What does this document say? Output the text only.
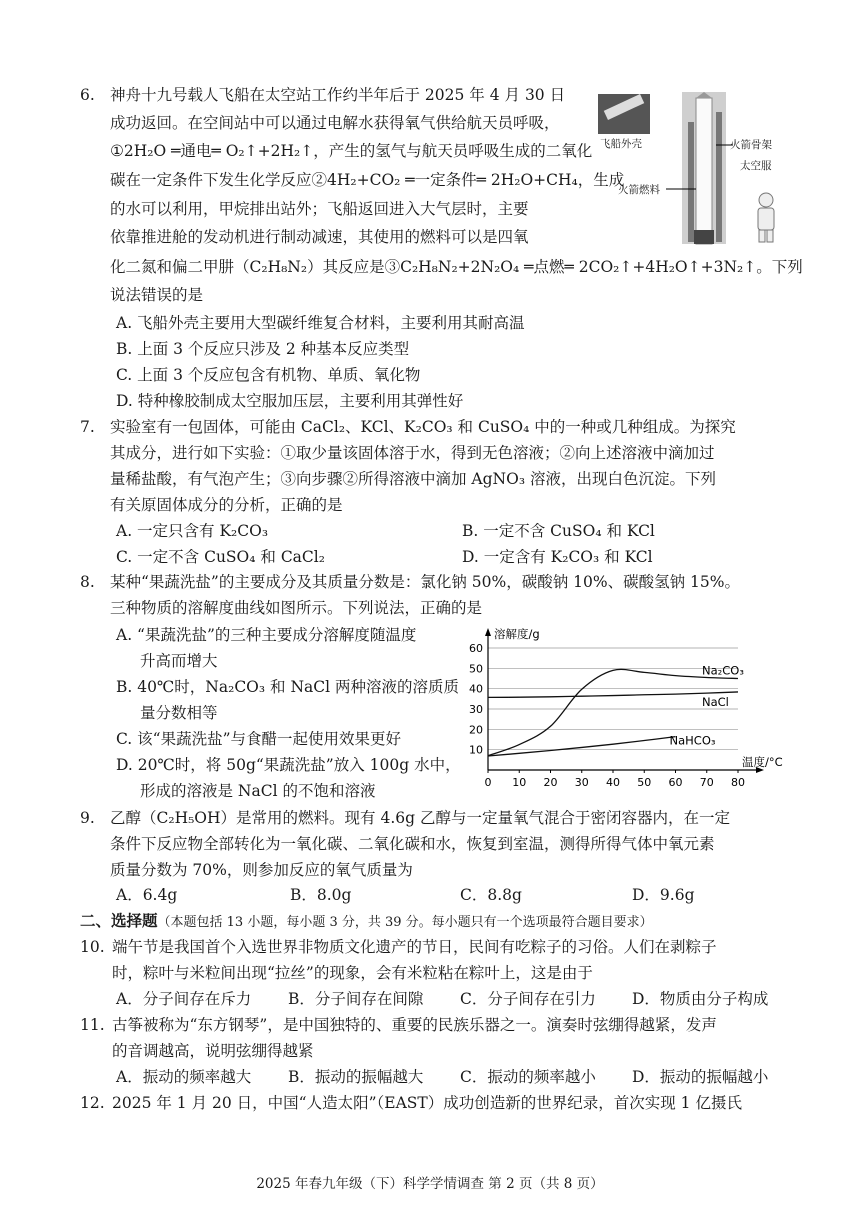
6. 神舟十九号载人飞船在太空站工作约半年后于 2025 年 4 月 30 日
成功返回。在空间站中可以通过电解水获得氧气供给航天员呼吸，
①2H₂O ═通电═ O₂↑+2H₂↑，产生的氢气与航天员呼吸生成的二氧化
碳在一定条件下发生化学反应②4H₂+CO₂ ═一定条件═ 2H₂O+CH₄，生成
的水可以利用，甲烷排出站外；飞船返回进入大气层时，主要
依靠推进舱的发动机进行制动减速，其使用的燃料可以是四氧
化二氮和偏二甲肼（C₂H₈N₂）其反应是③C₂H₈N₂+2N₂O₄ ═点燃═ 2CO₂↑+4H₂O↑+3N₂↑。下列
说法错误的是
A. 飞船外壳主要用大型碳纤维复合材料，主要利用其耐高温
B. 上面 3 个反应只涉及 2 种基本反应类型
C. 上面 3 个反应包含有机物、单质、氧化物
D. 特种橡胶制成太空服加压层，主要利用其弹性好
飞船外壳	火箭骨架
太空服
火箭燃料
7. 实验室有一包固体，可能由 CaCl₂、KCl、K₂CO₃ 和 CuSO₄ 中的一种或几种组成。为探究
其成分，进行如下实验：①取少量该固体溶于水，得到无色溶液；②向上述溶液中滴加过
量稀盐酸，有气泡产生；③向步骤②所得溶液中滴加 AgNO₃ 溶液，出现白色沉淀。下列
有关原固体成分的分析，正确的是
A. 一定只含有 K₂CO₃	B. 一定不含 CuSO₄ 和 KCl
C. 一定不含 CuSO₄ 和 CaCl₂	D. 一定含有 K₂CO₃ 和 KCl
8. 某种“果蔬洗盐”的主要成分及其质量分数是：氯化钠 50%，碳酸钠 10%、碳酸氢钠 15%。
三种物质的溶解度曲线如图所示。下列说法，正确的是
A. “果蔬洗盐”的三种主要成分溶解度随温度
升高而增大
B. 40℃时，Na₂CO₃ 和 NaCl 两种溶液的溶质质
量分数相等
C. 该“果蔬洗盐”与食醋一起使用效果更好
D. 20℃时，将 50g“果蔬洗盐”放入 100g 水中，
形成的溶液是 NaCl 的不饱和溶液
10
20
30
40
50
60
0 10 20 30 40 50 60 70 80
溶解度/g
温度/°C
Na₂CO₃
NaCl
NaHCO₃
9. 乙醇（C₂H₅OH）是常用的燃料。现有 4.6g 乙醇与一定量氧气混合于密闭容器内，在一定
条件下反应物全部转化为一氧化碳、二氧化碳和水，恢复到室温，测得所得气体中氧元素
质量分数为 70%，则参加反应的氧气质量为
A．6.4g	B．8.0g	C．8.8g	D．9.6g
二、选择题（本题包括 13 小题，每小题 3 分，共 39 分。每小题只有一个选项最符合题目要求）
10. 端午节是我国首个入选世界非物质文化遗产的节日，民间有吃粽子的习俗。人们在剥粽子
时，粽叶与米粒间出现“拉丝”的现象，会有米粒粘在粽叶上，这是由于
A．分子间存在斥力 B．分子间存在间隙 C．分子间存在引力 D．物质由分子构成
11. 古筝被称为“东方钢琴”，是中国独特的、重要的民族乐器之一。演奏时弦绷得越紧，发声
的音调越高，说明弦绷得越紧
A．振动的频率越大 B．振动的振幅越大 C．振动的频率越小 D．振动的振幅越小
12. 2025 年 1 月 20 日，中国“人造太阳”（EAST）成功创造新的世界纪录，首次实现 1 亿摄氏
2025 年春九年级（下）科学学情调查 第 2 页（共 8 页）
